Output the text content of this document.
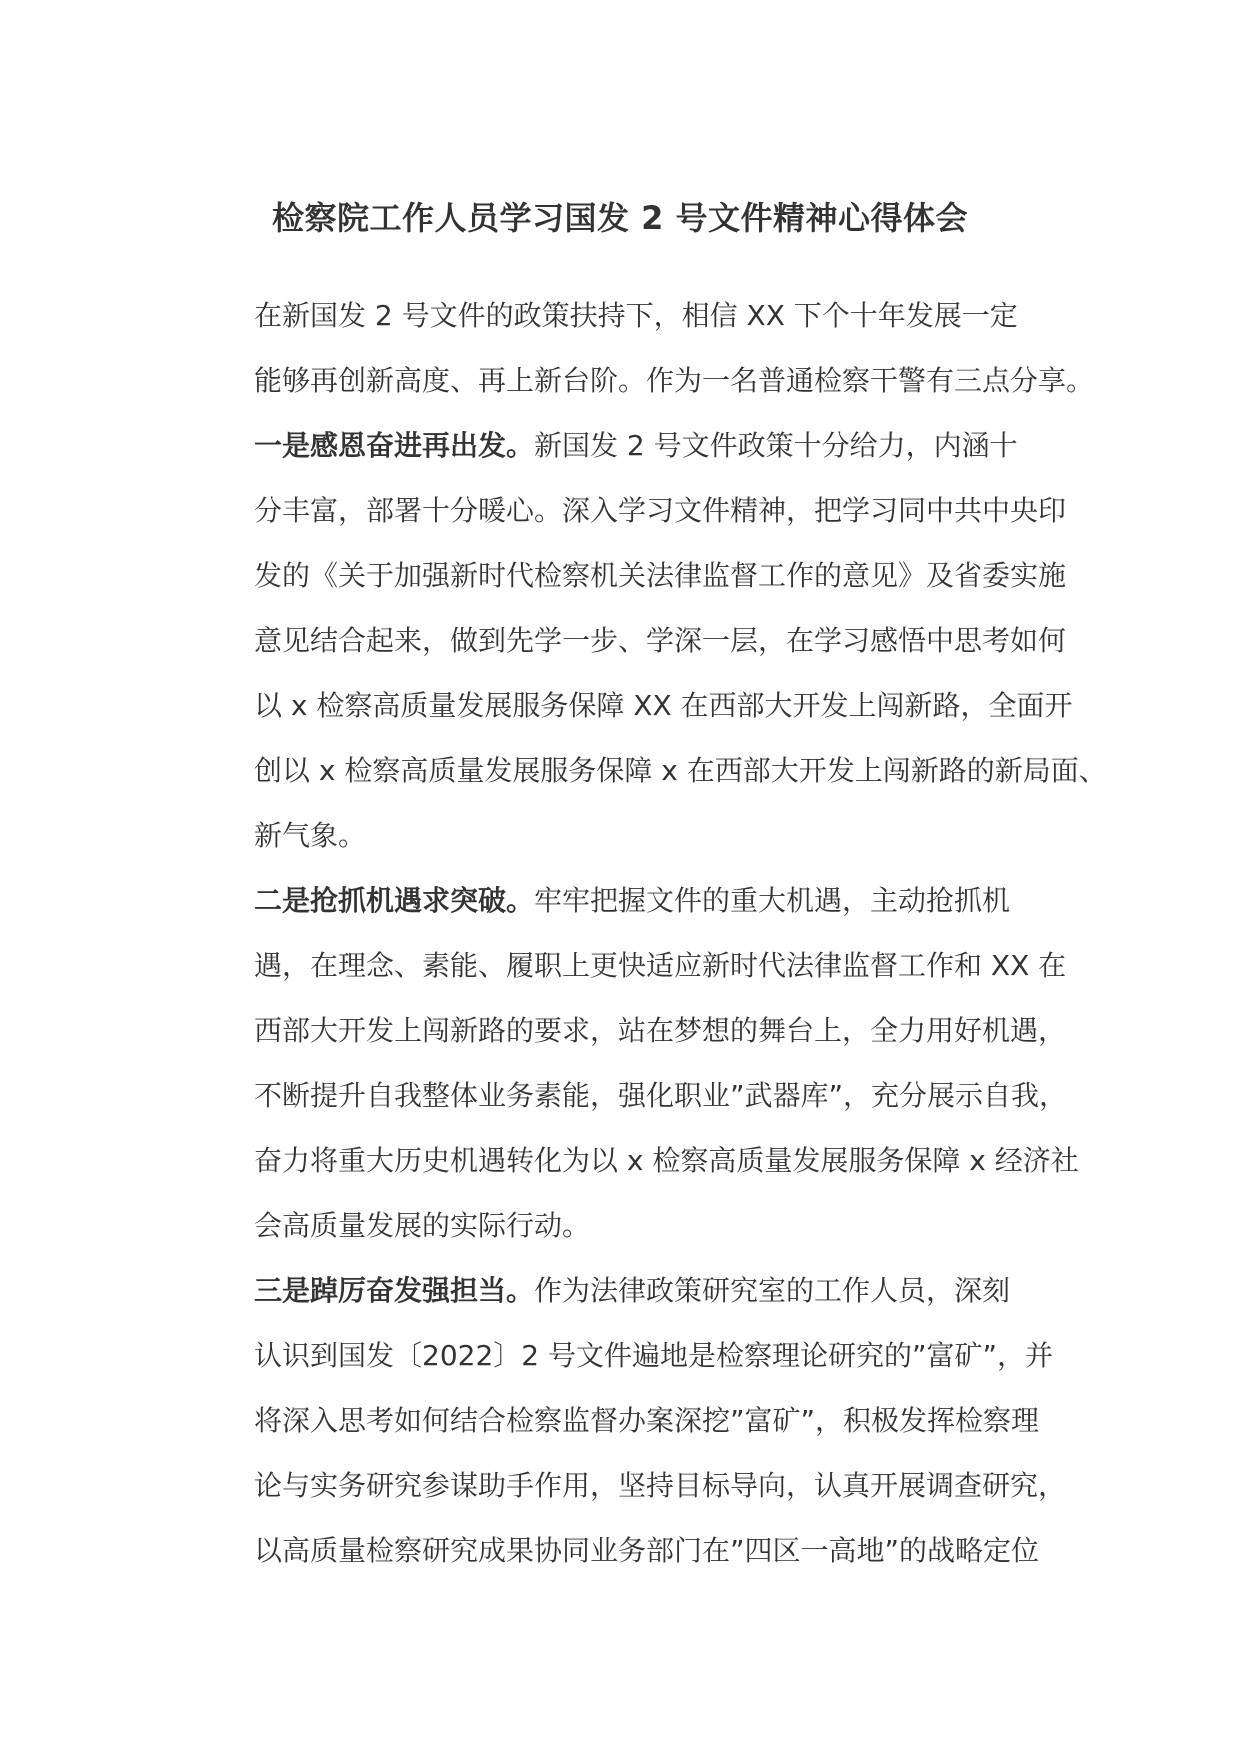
检察院工作人员学习国发 2 号文件精神心得体会

在新国发 2 号文件的政策扶持下，相信 XX 下个十年发展一定
能够再创新高度、再上新台阶。作为一名普通检察干警有三点分享。

一是感恩奋进再出发。新国发 2 号文件政策十分给力，内涵十
分丰富，部署十分暖心。深入学习文件精神，把学习同中共中央印
发的《关于加强新时代检察机关法律监督工作的意见》及省委实施
意见结合起来，做到先学一步、学深一层，在学习感悟中思考如何
以 x 检察高质量发展服务保障 XX 在西部大开发上闯新路，全面开
创以 x 检察高质量发展服务保障 x 在西部大开发上闯新路的新局面、
新气象。

二是抢抓机遇求突破。牢牢把握文件的重大机遇，主动抢抓机
遇，在理念、素能、履职上更快适应新时代法律监督工作和 XX 在
西部大开发上闯新路的要求，站在梦想的舞台上，全力用好机遇，
不断提升自我整体业务素能，强化职业”武器库”，充分展示自我，
奋力将重大历史机遇转化为以 x 检察高质量发展服务保障 x 经济社
会高质量发展的实际行动。

三是踔厉奋发强担当。作为法律政策研究室的工作人员，深刻
认识到国发〔2022〕2 号文件遍地是检察理论研究的”富矿”，并
将深入思考如何结合检察监督办案深挖”富矿”，积极发挥检察理
论与实务研究参谋助手作用，坚持目标导向，认真开展调查研究，
以高质量检察研究成果协同业务部门在”四区一高地”的战略定位
